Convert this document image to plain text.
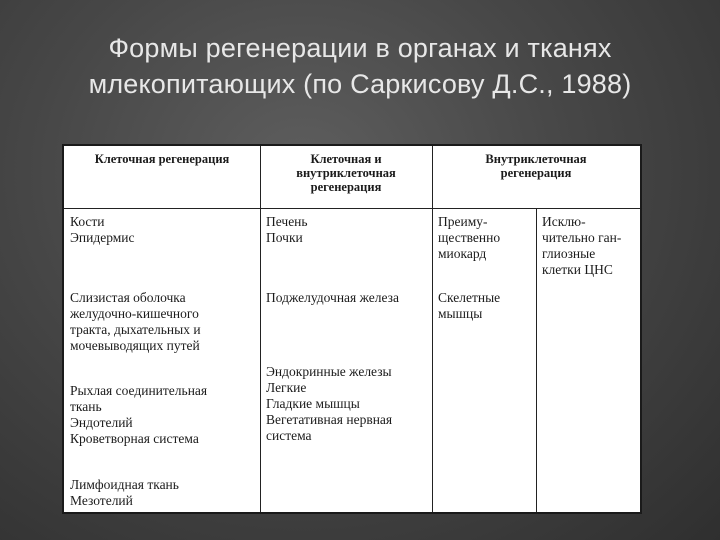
Формы регенерации в органах и тканях
млекопитающих (по Саркисову Д.С., 1988)
Клеточная регенерация	Клеточная и
внутриклеточная
регенерация
Внутриклеточная
регенерация
Кости
Эпидермис
Слизистая оболочка
желудочно-кишечного
тракта, дыхательных и
мочевыводящих путей
Рыхлая соединительная
ткань
Эндотелий
Кроветворная система
Лимфоидная ткань
Мезотелий
Печень
Почки
Поджелудочная железа
Эндокринные железы
Легкие
Гладкие мышцы
Вегетативная нервная
система
Преиму-
щественно
миокард
Скелетные
мышцы
Исклю-
чительно ган-
глиозные
клетки ЦНС
